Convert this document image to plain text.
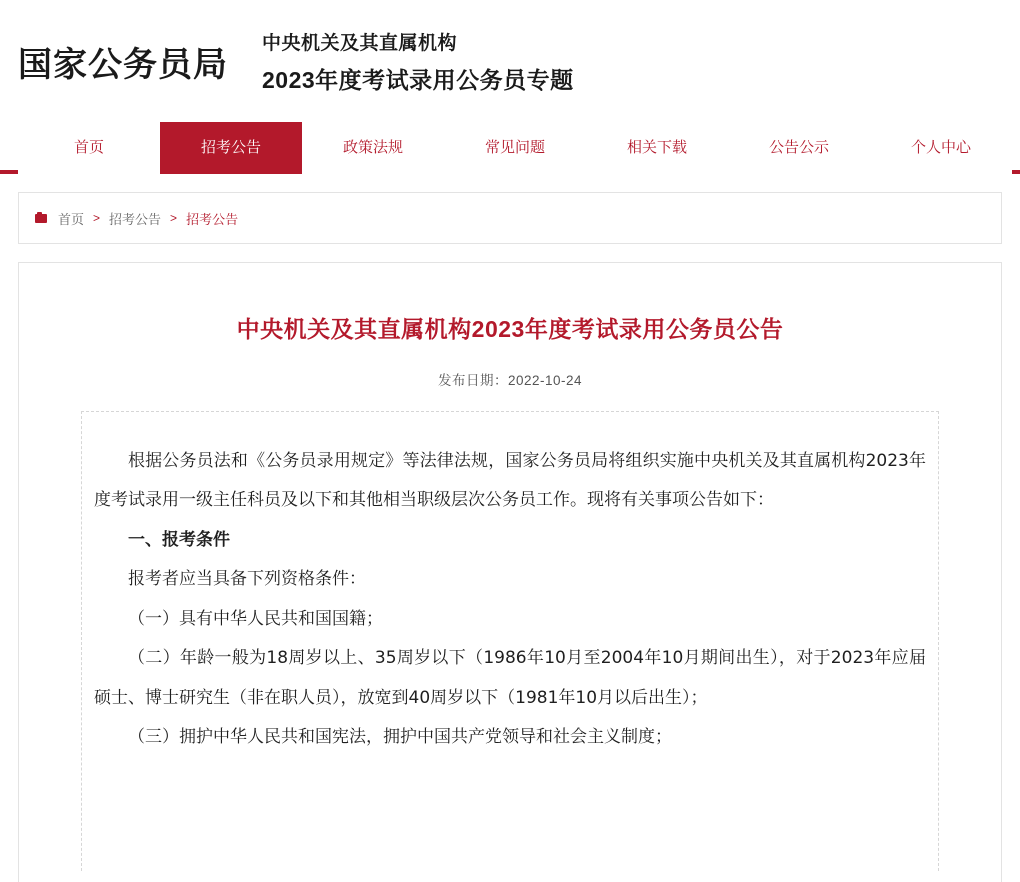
国家公务员局
中央机关及其直属机构
2023年度考试录用公务员专题
首页	招考公告	政策法规	常见问题	相关下载	公告公示	个人中心
首页 > 招考公告 > 招考公告
中央机关及其直属机构2023年度考试录用公务员公告
发布日期：2022-10-24

根据公务员法和《公务员录用规定》等法律法规，国家公务员局将组织实施中央机关及其直属机构2023年度考试录用一级主任科员及以下和其他相当职级层次公务员工作。现将有关事项公告如下：

一、报考条件

报考者应当具备下列资格条件：

（一）具有中华人民共和国国籍；

（二）年龄一般为18周岁以上、35周岁以下（1986年10月至2004年10月期间出生），对于2023年应届硕士、博士研究生（非在职人员），放宽到40周岁以下（1981年10月以后出生）；

（三）拥护中华人民共和国宪法，拥护中国共产党领导和社会主义制度；
